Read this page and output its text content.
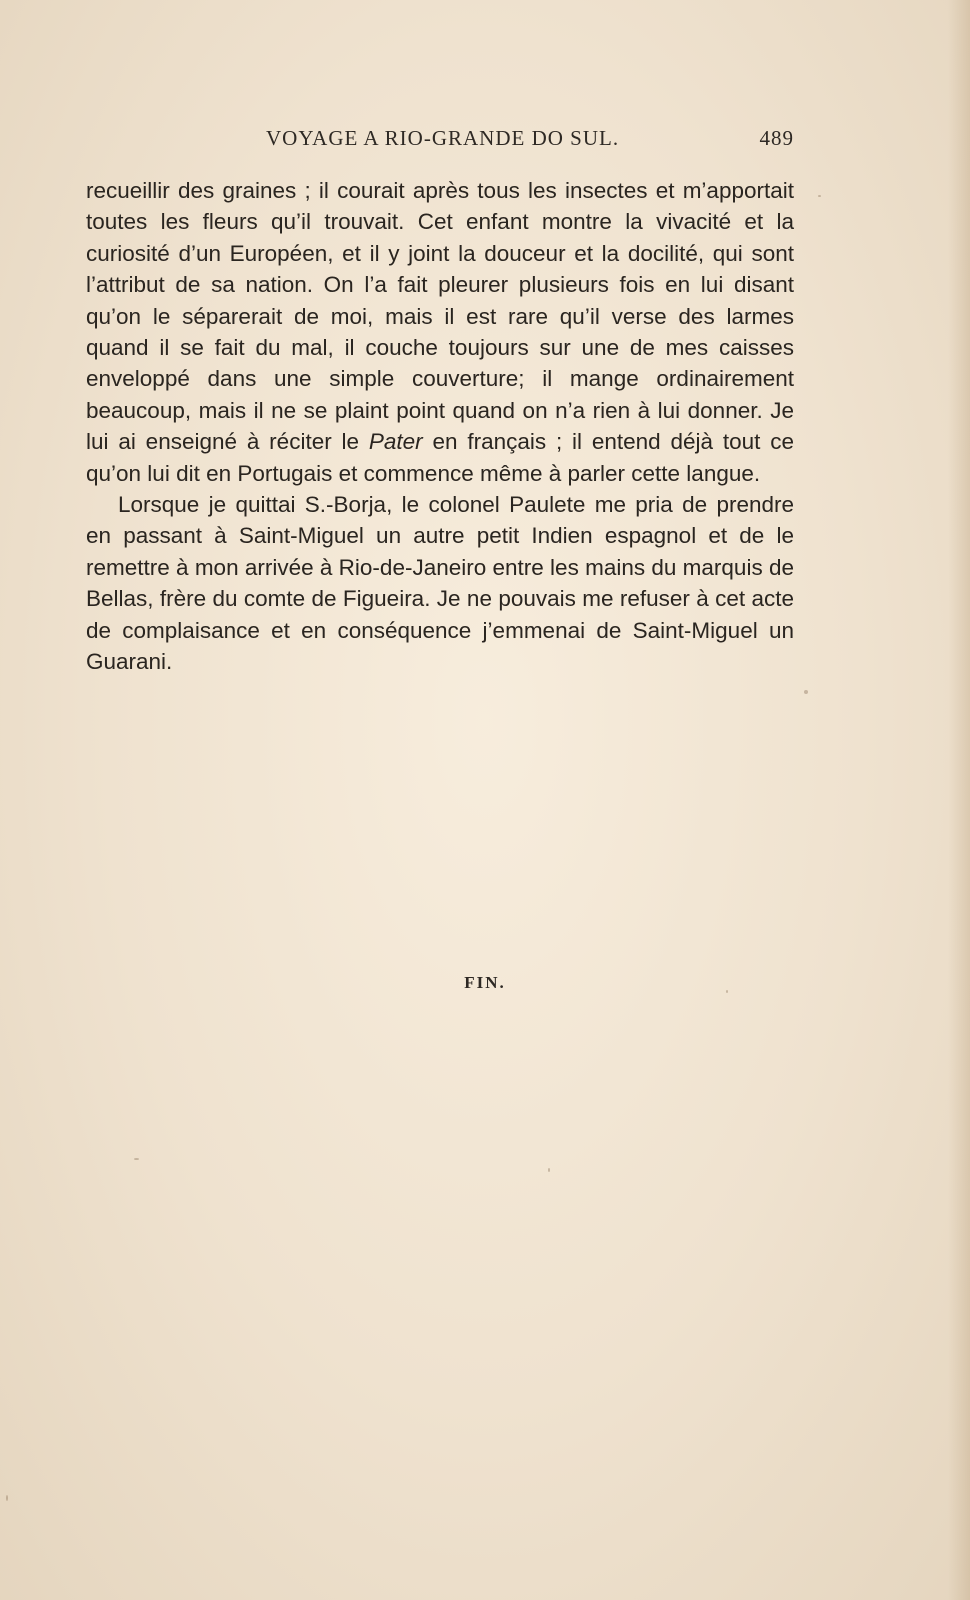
VOYAGE A RIO-GRANDE DO SUL.	489

recueillir des graines ; il courait après tous les insectes et m’apportait toutes les fleurs qu’il trouvait. Cet enfant montre la vivacité et la curiosité d’un Européen, et il y joint la douceur et la docilité, qui sont l’attribut de sa nation. On l’a fait pleurer plusieurs fois en lui disant qu’on le séparerait de moi, mais il est rare qu’il verse des larmes quand il se fait du mal, il couche toujours sur une de mes caisses enveloppé dans une simple couverture; il mange ordinairement beaucoup, mais il ne se plaint point quand on n’a rien à lui donner. Je lui ai enseigné à réciter le Pater en français ; il entend déjà tout ce qu’on lui dit en Portugais et commence même à parler cette langue.

Lorsque je quittai S.-Borja, le colonel Paulete me pria de prendre en passant à Saint-Miguel un autre petit Indien espagnol et de le remettre à mon arrivée à Rio-de-Janeiro entre les mains du marquis de Bellas, frère du comte de Figueira. Je ne pouvais me refuser à cet acte de complaisance et en conséquence j’emmenai de Saint-Miguel un Guarani.

FIN.
